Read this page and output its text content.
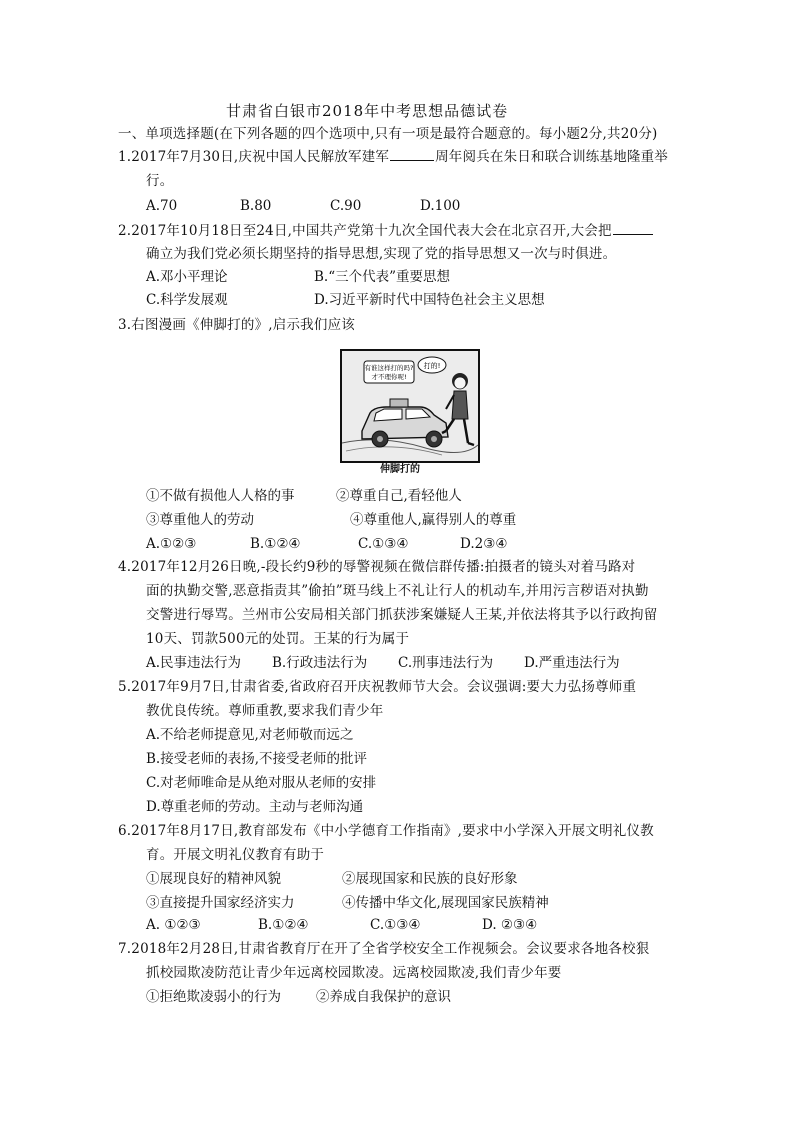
甘肃省白银市2018年中考思想品德试卷
一、单项选择题(在下列各题的四个选项中,只有一项是最符合题意的。每小题2分,共20分)
1.2017年7月30日,庆祝中国人民解放军建军	周年阅兵在朱日和联合训练基地隆重举
行。
A.70	B.80	C.90	D.100
2.2017年10月18日至24日,中国共产党第十九次全国代表大会在北京召开,大会把
确立为我们党必须长期坚持的指导思想,实现了党的指导思想又一次与时俱进。
A.邓小平理论	B.“三个代表”重要思想
C.科学发展观	D.习近平新时代中国特色社会主义思想
3.右图漫画《伸脚打的》,启示我们应该
有谁这样打的吗?
才不理你呢!
打的!
伸脚打的
①不做有损他人人格的事	②尊重自己,看轻他人
③尊重他人的劳动	④尊重他人,赢得别人的尊重
A.①②③	B.①②④	C.①③④	D.2③④
4.2017年12月26日晚,-段长约9秒的辱警视频在微信群传播:拍摄者的镜头对着马路对
面的执勤交警,恶意指责其”偷拍”斑马线上不礼让行人的机动车,并用污言秽语对执勤
交警进行辱骂。兰州市公安局相关部门抓获涉案嫌疑人王某,并依法将其予以行政拘留
10天、罚款500元的处罚。王某的行为属于
A.民事违法行为 B.行政违法行为 C.刑事违法行为 D.严重违法行为
5.2017年9月7日,甘肃省委,省政府召开庆祝教师节大会。会议强调:要大力弘扬尊师重
教优良传统。尊师重教,要求我们青少年
A.不给老师提意见,对老师敬而远之
B.接受老师的表扬,不接受老师的批评
C.对老师唯命是从绝对服从老师的安排
D.尊重老师的劳动。主动与老师沟通
6.2017年8月17日,教育部发布《中小学德育工作指南》,要求中小学深入开展文明礼仪教
育。开展文明礼仪教育有助于
①展现良好的精神风貌	②展现国家和民族的良好形象
③直接提升国家经济实力	④传播中华文化,展现国家民族精神
A. ①②③	B.①②④	C.①③④	D. ②③④
7.2018年2月28日,甘肃省教育厅在开了全省学校安全工作视频会。会议要求各地各校狠
抓校园欺凌防范让青少年远离校园欺凌。远离校园欺凌,我们青少年要
①拒绝欺凌弱小的行为	②养成自我保护的意识
